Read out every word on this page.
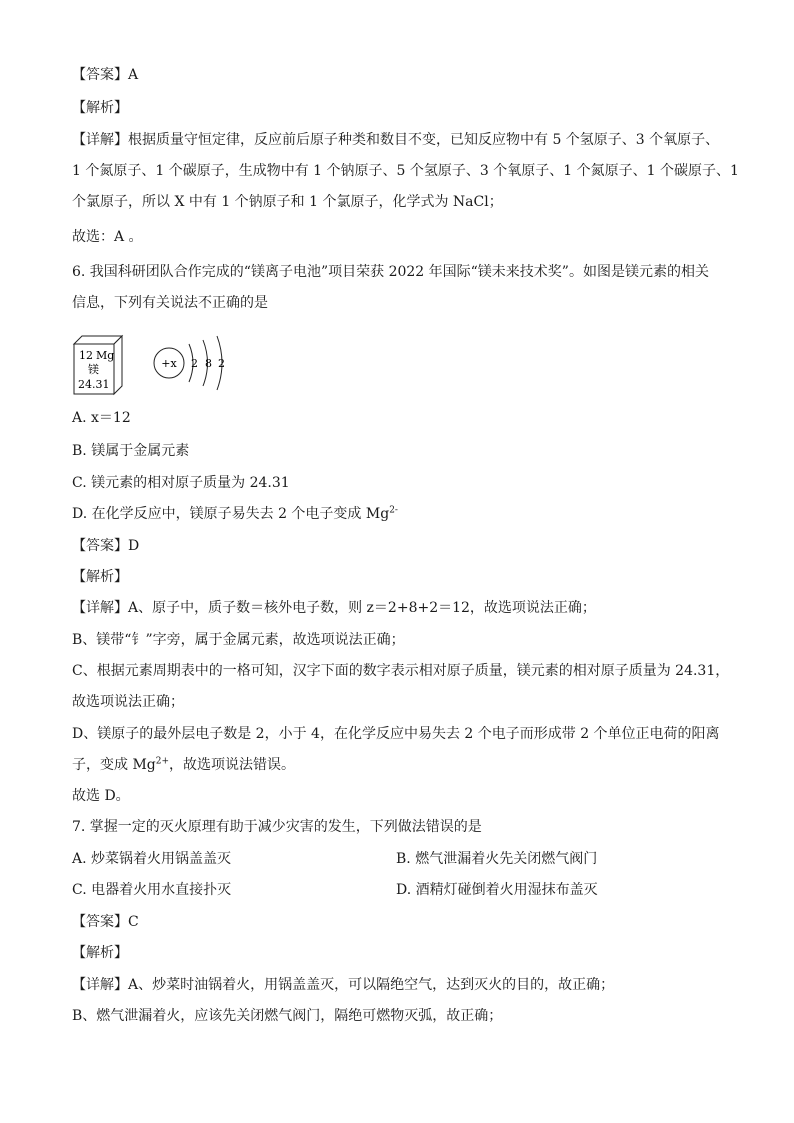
【答案】A
【解析】
【详解】根据质量守恒定律，反应前后原子种类和数目不变，已知反应物中有 5 个氢原子、3 个氧原子、
1 个氮原子、1 个碳原子，生成物中有 1 个钠原子、5 个氢原子、3 个氧原子、1 个氮原子、1 个碳原子、1
个氯原子，所以 X 中有 1 个钠原子和 1 个氯原子，化学式为 NaCl；
故选：A 。
6. 我国科研团队合作完成的“镁离子电池”项目荣获 2022 年国际“镁未来技术奖”。如图是镁元素的相关
信息，下列有关说法不正确的是
12 Mg
镁
24.31
+x 2 8 2
A. x＝12
B. 镁属于金属元素
C. 镁元素的相对原子质量为 24.31
D. 在化学反应中，镁原子易失去 2 个电子变成 $Mg^{2-}$
【答案】D
【解析】
【详解】A、原子中，质子数＝核外电子数，则 z＝2+8+2＝12，故选项说法正确；
B、镁带“钅”字旁，属于金属元素，故选项说法正确；
C、根据元素周期表中的一格可知，汉字下面的数字表示相对原子质量，镁元素的相对原子质量为 24.31，
故选项说法正确；
D、镁原子的最外层电子数是 2，小于 4，在化学反应中易失去 2 个电子而形成带 2 个单位正电荷的阳离
子，变成 $Mg^{2+}$，故选项说法错误。
故选 D。
7. 掌握一定的灭火原理有助于减少灾害的发生，下列做法错误的是
A. 炒菜锅着火用锅盖盖灭	B. 燃气泄漏着火先关闭燃气阀门
C. 电器着火用水直接扑灭	D. 酒精灯碰倒着火用湿抹布盖灭
【答案】C
【解析】
【详解】A、炒菜时油锅着火，用锅盖盖灭，可以隔绝空气，达到灭火的目的，故正确；
B、燃气泄漏着火，应该先关闭燃气阀门，隔绝可燃物灭弧，故正确；
